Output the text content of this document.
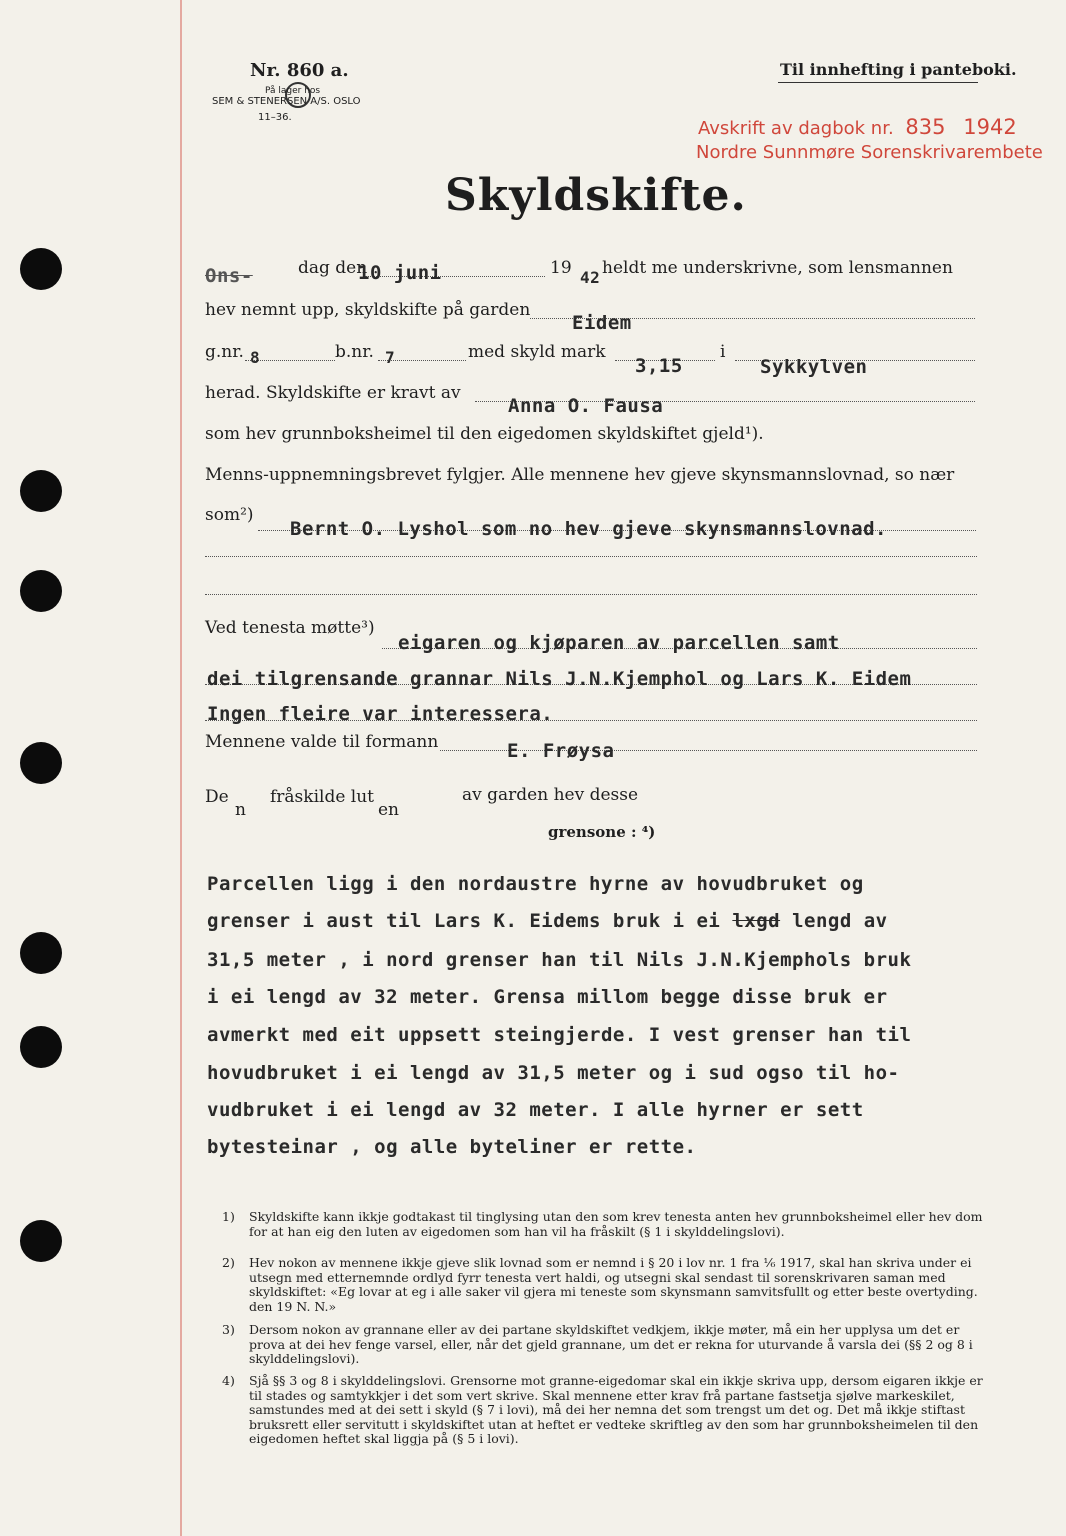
Nr. 860 a.
På lager hos
SEM & STENERSEN A/S. OSLO
11–36.
Til innhefting i panteboki.
Avskrift av dagbok nr. 835 1942
Nordre Sunnmøre Sorenskrivarembete
Skyldskifte.
Ons-	dag den
10 juni	19 42 heldt me underskrivne, som lensmannen
hev nemnt upp, skyldskifte på garden
Eidem
g.nr. 8	b.nr. 7	med skyld mark
3,15
i
Sykkylven
herad. Skyldskifte er kravt av
Anna O. Fausa
som hev grunnboksheimel til den eigedomen skyldskiftet gjeld¹).
Menns-uppnemningsbrevet fylgjer. Alle mennene hev gjeve skynsmannslovnad, so nær
som²)
Bernt O. Lyshol som no hev gjeve skynsmannslovnad.
Ved tenesta møtte³)
eigaren og kjøparen av parcellen samt
dei tilgrensande grannar Nils J.N.Kjemphol og Lars K. Eidem
Ingen fleire var interessera.
Mennene valde til formann	E. Frøysa
De
n
fråskilde lut
en
av garden hev desse
grensone : ⁴)
Parcellen ligg i den nordaustre hyrne av hovudbruket og
grenser i aust til Lars K. Eidems bruk i ei lxgd lengd av
31,5 meter , i nord grenser han til Nils J.N.Kjemphols bruk
i ei lengd av 32 meter. Grensa millom begge disse bruk er
avmerkt med eit uppsett steingjerde. I vest grenser han til
hovudbruket i ei lengd av 31,5 meter og i sud ogso til ho-
vudbruket i ei lengd av 32 meter. I alle hyrner er sett
bytesteinar , og alle byteliner er rette.
1) Skyldskifte kann ikkje godtakast til tinglysing utan den som krev tenesta anten hev grunnboksheimel eller hev dom for at han eig den luten av eigedomen som han vil ha fråskilt (§ 1 i skylddelingslovi).
2) Hev nokon av mennene ikkje gjeve slik lovnad som er nemnd i § 20 i lov nr. 1 fra ⅙ 1917, skal han skriva under ei utsegn med etternemnde ordlyd fyrr tenesta vert haldi, og utsegni skal sendast til sorenskrivaren saman med skyldskiftet: «Eg lovar at eg i alle saker vil gjera mi teneste som skynsmann samvitsfullt og etter beste overtyding. den 19 N. N.»
3) Dersom nokon av grannane eller av dei partane skyldskiftet vedkjem, ikkje møter, må ein her upplysa um det er prova at dei hev fenge varsel, eller, når det gjeld grannane, um det er rekna for uturvande å varsla dei (§§ 2 og 8 i skylddelingslovi).
4) Sjå §§ 3 og 8 i skylddelingslovi. Grensorne mot granne-eigedomar skal ein ikkje skriva upp, dersom eigaren ikkje er til stades og samtykkjer i det som vert skrive. Skal mennene etter krav frå partane fastsetja sjølve markeskilet, samstundes med at dei sett i skyld (§ 7 i lovi), må dei her nemna det som trengst um det og. Det må ikkje stiftast bruksrett eller servitutt i skyldskiftet utan at heftet er vedteke skriftleg av den som har grunnboksheimelen til den eigedomen heftet skal liggja på (§ 5 i lovi).
